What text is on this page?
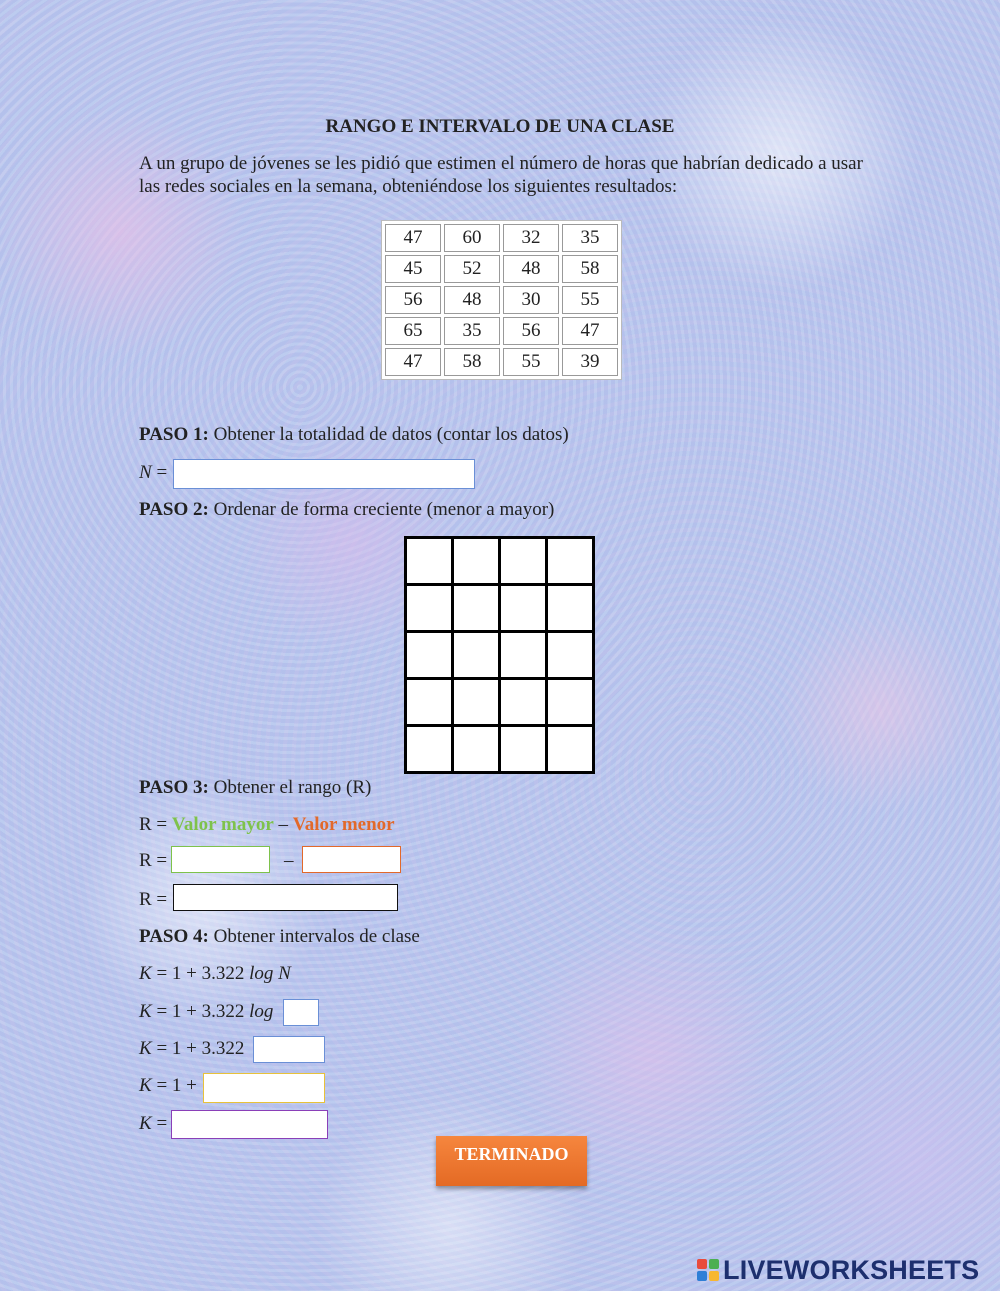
RANGO E INTERVALO DE UNA CLASE
A un grupo de jóvenes se les pidió que estimen el número de horas que habrían dedicado a usar las redes sociales en la semana, obteniéndose los siguientes resultados:
47	60	32	35
45	52	48	58
56	48	30	55
65	35	56	47
47	58	55	39
PASO 1: Obtener la totalidad de datos (contar los datos)
N =
PASO 2: Ordenar de forma creciente (menor a mayor)
PASO 3: Obtener el rango (R)
R = Valor mayor – Valor menor
R =	–
R =
PASO 4: Obtener intervalos de clase
K = 1 + 3.322 log N
K = 1 + 3.322 log
K = 1 + 3.322
K = 1 +
K =
TERMINADO
LIVEWORKSHEETS
